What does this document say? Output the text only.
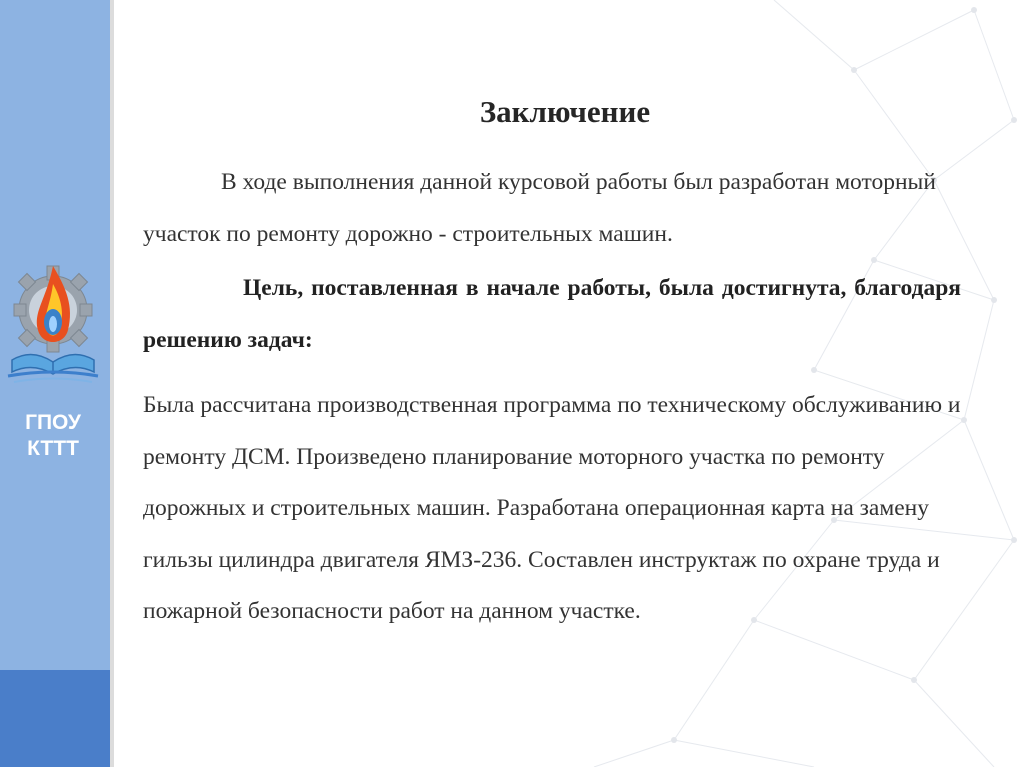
ГПОУ КТТТ
Заключение

В ходе выполнения данной курсовой работы был разработан моторный участок по ремонту дорожно - строительных машин.

Цель, поставленная в начале работы, была достигнута, благодаря решению задач:

Была рассчитана производственная программа по техническому обслуживанию и ремонту ДСМ. Произведено планирование моторного участка по ремонту дорожных и строительных машин. Разработана операционная карта на замену гильзы цилиндра двигателя ЯМЗ-236. Составлен инструктаж по охране труда и пожарной безопасности работ на данном участке.
